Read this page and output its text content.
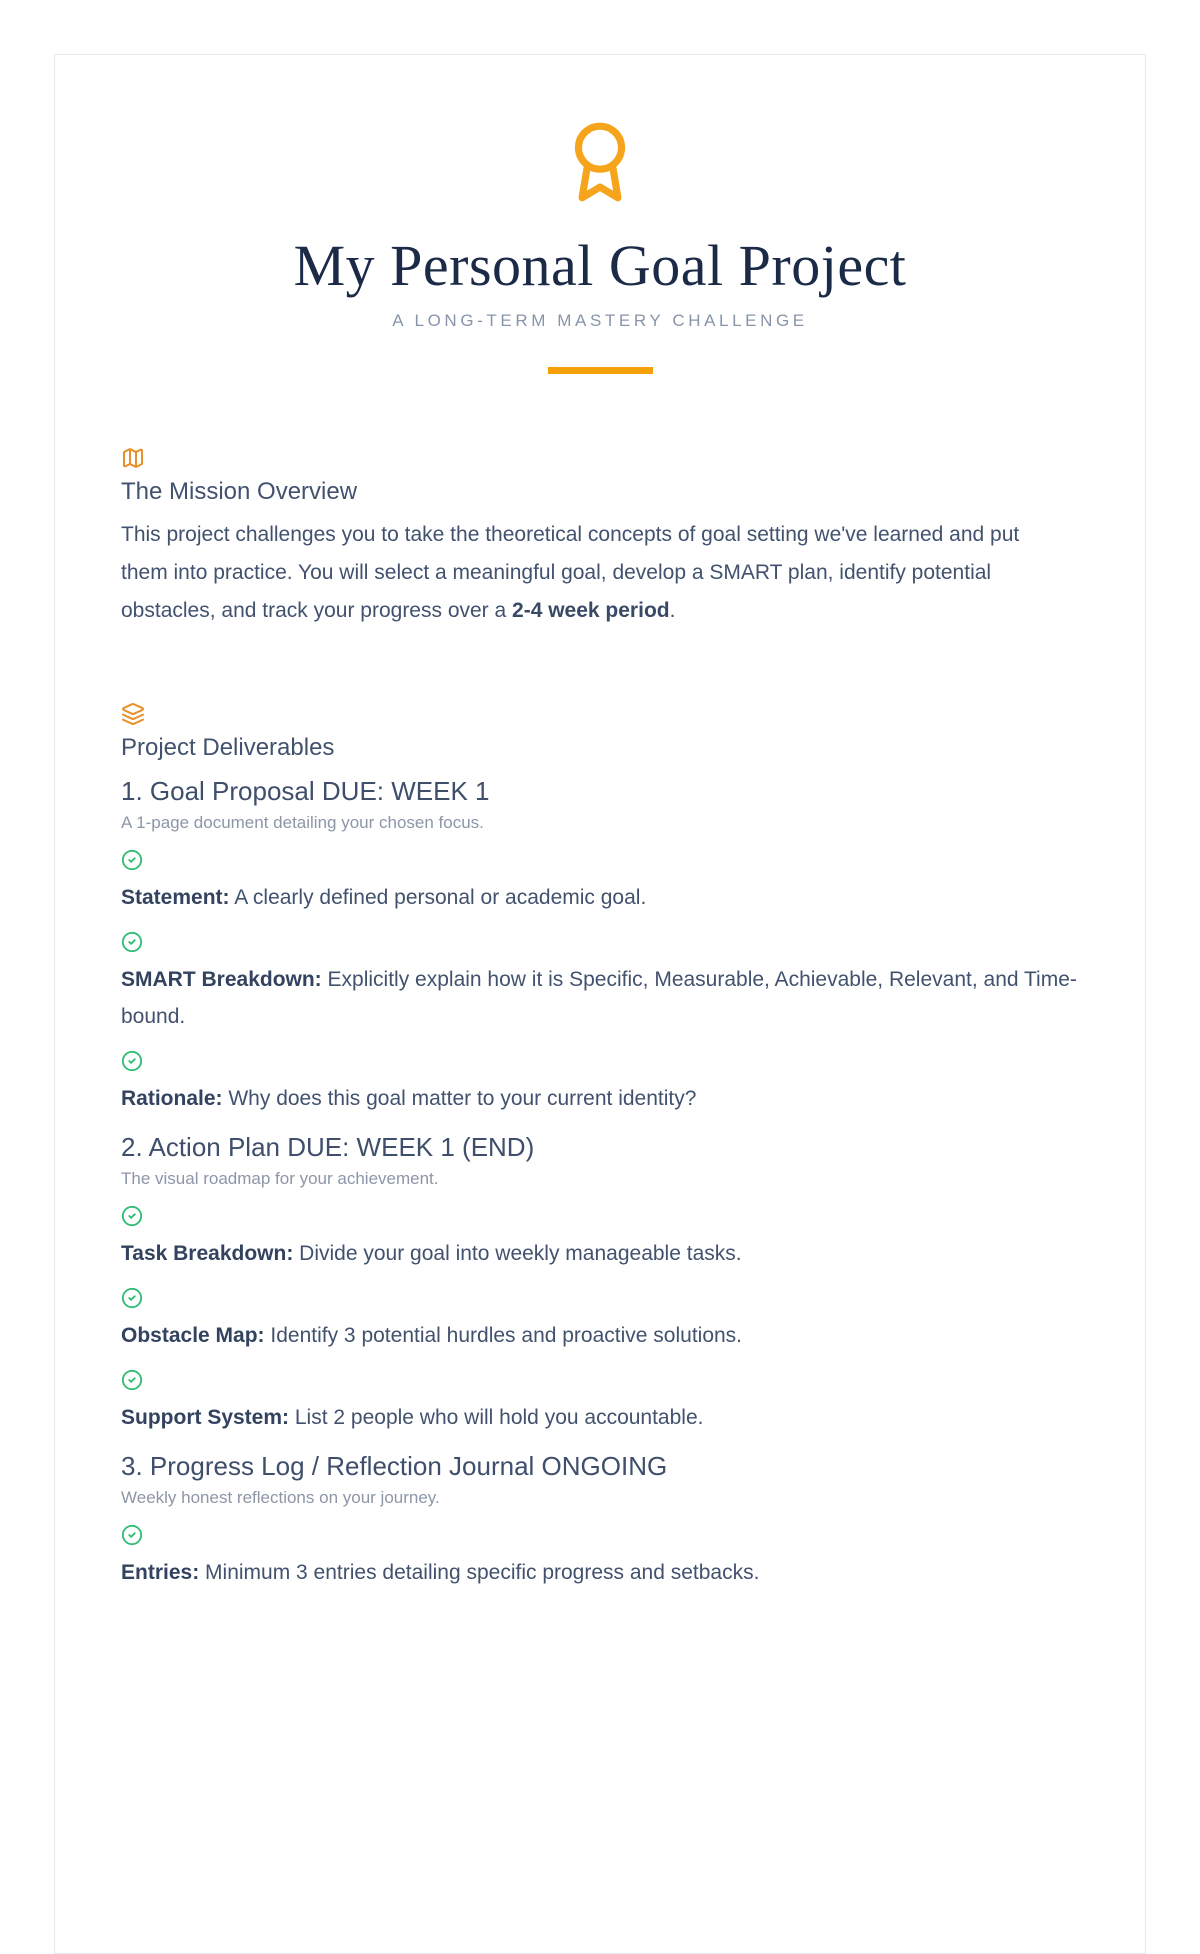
My Personal Goal Project
A LONG-TERM MASTERY CHALLENGE
The Mission Overview

This project challenges you to take the theoretical concepts of goal setting we've learned and put them into practice. You will select a meaningful goal, develop a SMART plan, identify potential obstacles, and track your progress over a 2-4 week period.

Project Deliverables
1. Goal Proposal DUE: WEEK 1
A 1-page document detailing your chosen focus.

Statement: A clearly defined personal or academic goal.

SMART Breakdown: Explicitly explain how it is Specific, Measurable, Achievable, Relevant, and Time-bound.

Rationale: Why does this goal matter to your current identity?

2. Action Plan DUE: WEEK 1 (END)
The visual roadmap for your achievement.

Task Breakdown: Divide your goal into weekly manageable tasks.

Obstacle Map: Identify 3 potential hurdles and proactive solutions.

Support System: List 2 people who will hold you accountable.

3. Progress Log / Reflection Journal ONGOING
Weekly honest reflections on your journey.

Entries: Minimum 3 entries detailing specific progress and setbacks.
